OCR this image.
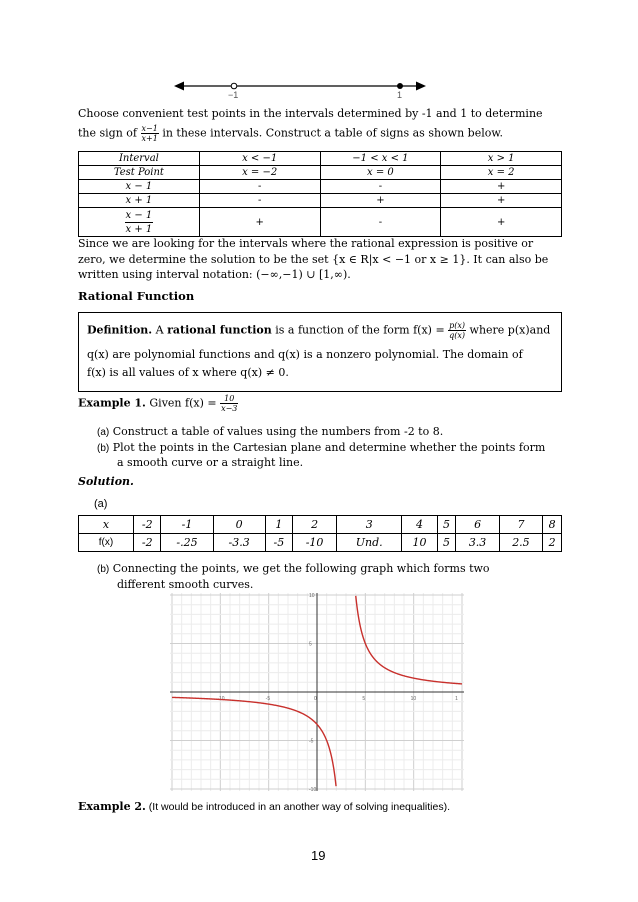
−1	1
Choose convenient test points in the intervals determined by -1 and 1 to determine
the sign of $\frac{x-1}{x+1}$ in these intervals. Construct a table of signs as shown below.
Interval	x < −1	−1 < x < 1	x > 1
Test Point	x = −2	x = 0	x = 2
x − 1	-	-	+
x + 1	-	+	+

$\frac{x - 1}{x + 1}$	+	-	+
Since we are looking for the intervals where the rational expression is positive or
zero, we determine the solution to be the set {x ∈ R|x < −1 or x ≥ 1}. It can also be
written using interval notation: (−∞,−1) ∪ [1,∞).
Rational Function
Definition. A rational function is a function of the form $f(x) = \frac{p(x)}{q(x)}$ where p(x)and
q(x) are polynomial functions and q(x) is a nonzero polynomial. The domain of
f(x) is all values of x where q(x) ≠ 0.
Example 1. Given $f(x) = \frac{10}{x-3}$
(a) Construct a table of values using the numbers from -2 to 8.
(b) Plot the points in the Cartesian plane and determine whether the points form
a smooth curve or a straight line.
Solution.
(a)
x	-2	-1	0	1	2	3	4	5	6	7	8
f(x)	-2	-.25	-3.3	-5	-10	Und.	10	5	3.3	2.5	2
(b) Connecting the points, we get the following graph which forms two
different smooth curves.
-10	-5	0	5	10	1
10
5
-5
-10
Example 2. (It would be introduced in an another way of solving inequalities).
19
